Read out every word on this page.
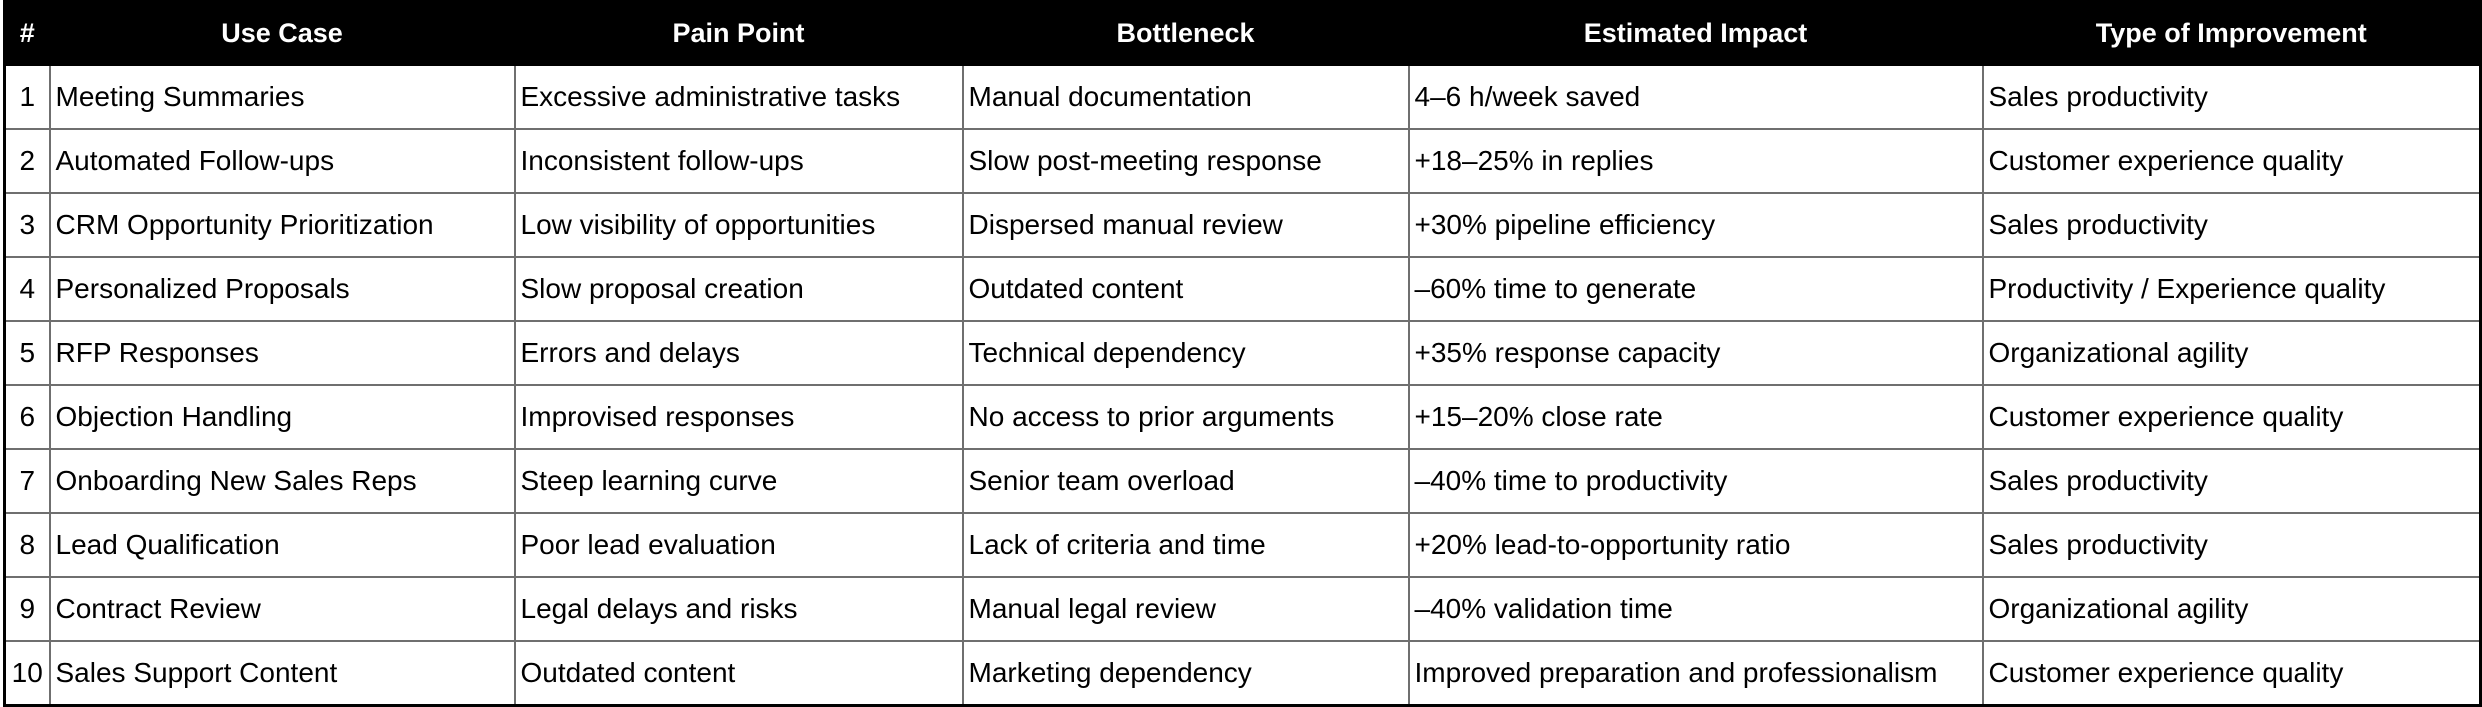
#	Use Case	Pain Point	Bottleneck	Estimated Impact	Type of Improvement
1	Meeting Summaries	Excessive administrative tasks	Manual documentation	4–6 h/week saved	Sales productivity
2	Automated Follow-ups	Inconsistent follow-ups	Slow post-meeting response	+18–25% in replies	Customer experience quality
3	CRM Opportunity Prioritization	Low visibility of opportunities	Dispersed manual review	+30% pipeline efficiency	Sales productivity
4	Personalized Proposals	Slow proposal creation	Outdated content	–60% time to generate	Productivity / Experience quality
5	RFP Responses	Errors and delays	Technical dependency	+35% response capacity	Organizational agility
6	Objection Handling	Improvised responses	No access to prior arguments	+15–20% close rate	Customer experience quality
7	Onboarding New Sales Reps	Steep learning curve	Senior team overload	–40% time to productivity	Sales productivity
8	Lead Qualification	Poor lead evaluation	Lack of criteria and time	+20% lead-to-opportunity ratio	Sales productivity
9	Contract Review	Legal delays and risks	Manual legal review	–40% validation time	Organizational agility
10	Sales Support Content	Outdated content	Marketing dependency	Improved preparation and professionalism	Customer experience quality
